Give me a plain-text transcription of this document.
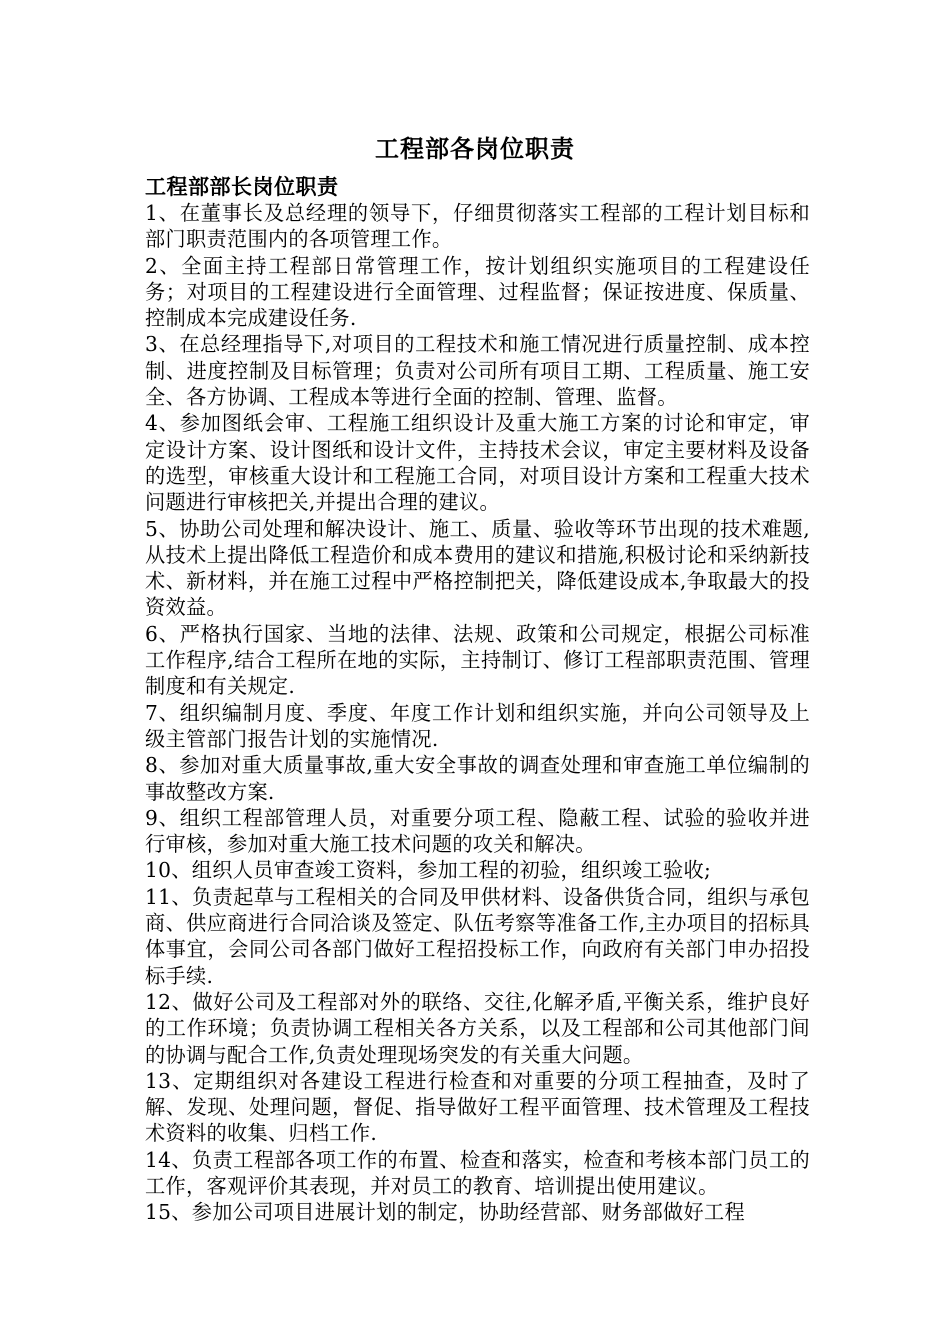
工程部各岗位职责
工程部部长岗位职责
1、在董事长及总经理的领导下，仔细贯彻落实工程部的工程计划目标和部门职责范围内的各项管理工作。
2、全面主持工程部日常管理工作，按计划组织实施项目的工程建设任务；对项目的工程建设进行全面管理、过程监督；保证按进度、保质量、控制成本完成建设任务.
3、在总经理指导下,对项目的工程技术和施工情况进行质量控制、成本控制、进度控制及目标管理；负责对公司所有项目工期、工程质量、施工安全、各方协调、工程成本等进行全面的控制、管理、监督。
4、参加图纸会审、工程施工组织设计及重大施工方案的讨论和审定，审定设计方案、设计图纸和设计文件，主持技术会议，审定主要材料及设备的选型，审核重大设计和工程施工合同，对项目设计方案和工程重大技术问题进行审核把关,并提出合理的建议。
5、协助公司处理和解决设计、施工、质量、验收等环节出现的技术难题,从技术上提出降低工程造价和成本费用的建议和措施,积极讨论和采纳新技术、新材料，并在施工过程中严格控制把关，降低建设成本,争取最大的投资效益。
6、严格执行国家、当地的法律、法规、政策和公司规定，根据公司标准工作程序,结合工程所在地的实际，主持制订、修订工程部职责范围、管理制度和有关规定.
7、组织编制月度、季度、年度工作计划和组织实施，并向公司领导及上级主管部门报告计划的实施情况.
8、参加对重大质量事故,重大安全事故的调查处理和审查施工单位编制的事故整改方案.
9、组织工程部管理人员，对重要分项工程、隐蔽工程、试验的验收并进行审核，参加对重大施工技术问题的攻关和解决。
10、组织人员审查竣工资料，参加工程的初验，组织竣工验收;
11、负责起草与工程相关的合同及甲供材料、设备供货合同，组织与承包商、供应商进行合同洽谈及签定、队伍考察等准备工作,主办项目的招标具体事宜，会同公司各部门做好工程招投标工作，向政府有关部门申办招投标手续.
12、做好公司及工程部对外的联络、交往,化解矛盾,平衡关系，维护良好的工作环境；负责协调工程相关各方关系，以及工程部和公司其他部门间的协调与配合工作,负责处理现场突发的有关重大问题。
13、定期组织对各建设工程进行检查和对重要的分项工程抽查，及时了解、发现、处理问题，督促、指导做好工程平面管理、技术管理及工程技术资料的收集、归档工作.
14、负责工程部各项工作的布置、检查和落实，检查和考核本部门员工的工作，客观评价其表现，并对员工的教育、培训提出使用建议。
15、参加公司项目进展计划的制定，协助经营部、财务部做好工程
